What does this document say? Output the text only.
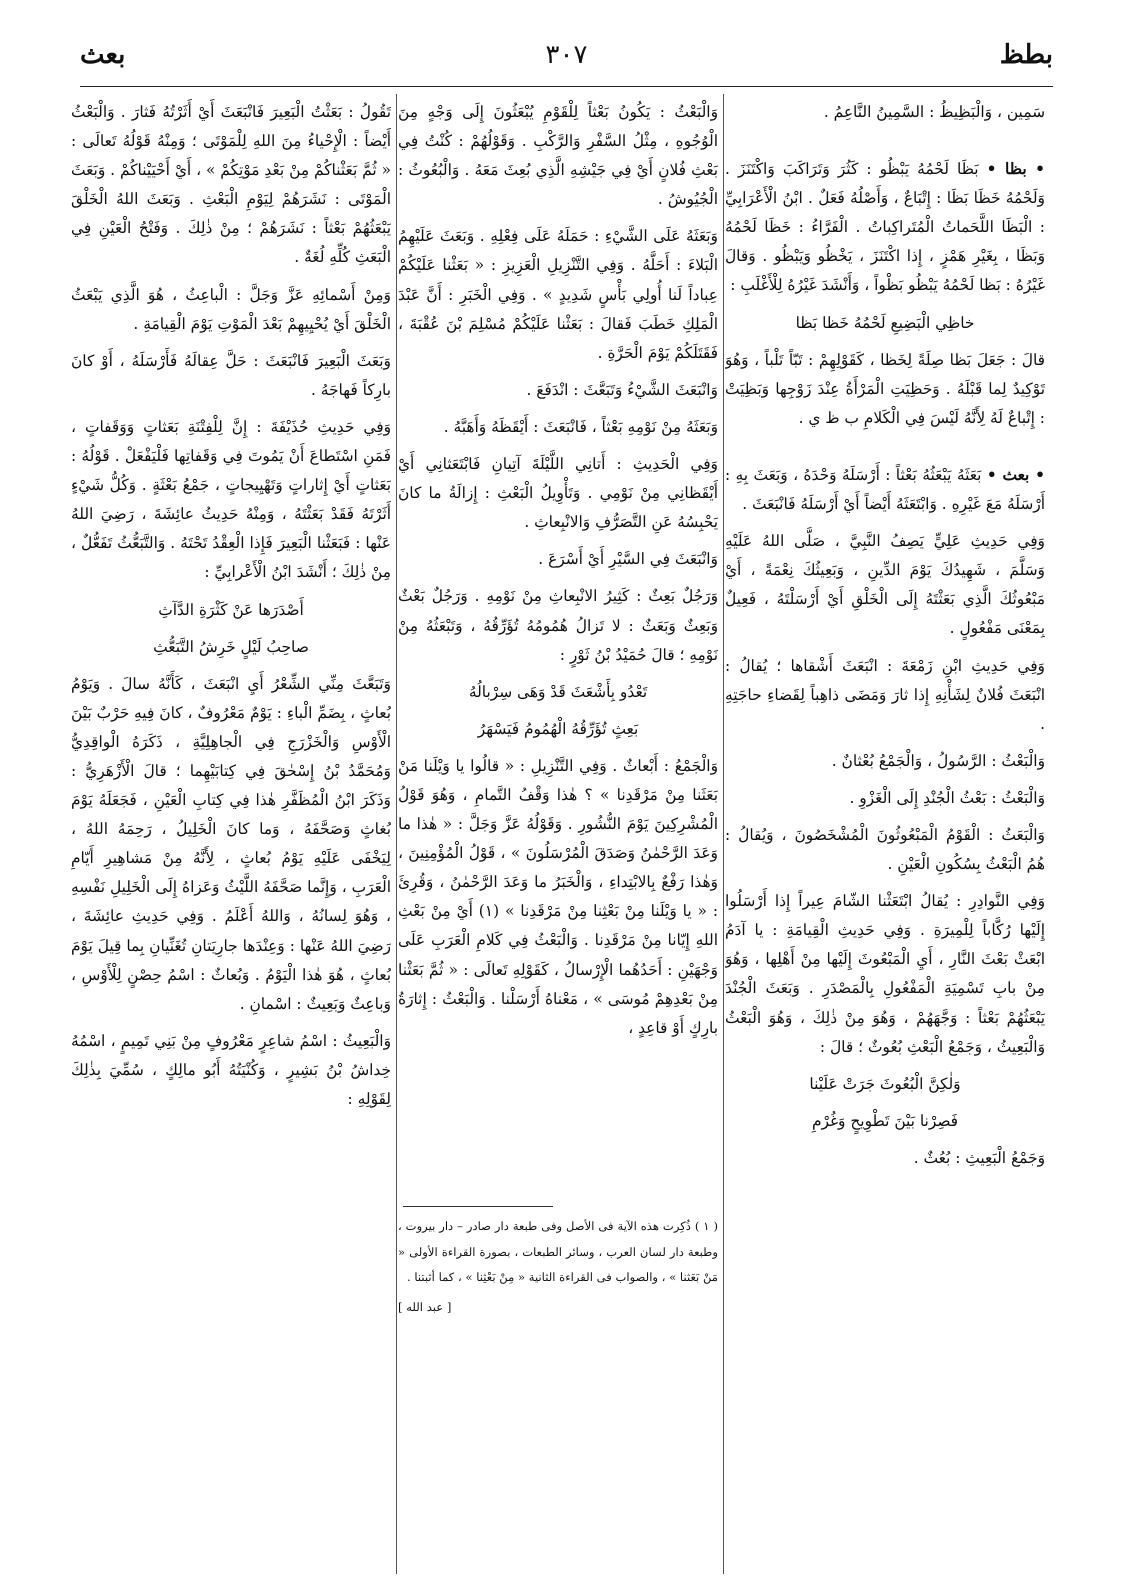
بطظ
٣٠٧
بعث

سَمِين ، وَالْبَظِيظُ : السَّمِينُ النَّاعِمُ .

• بظا • بَظَا لَحْمُهُ يَبْظُو : كَثُرَ وَتَرَاكَبَ وَاكْتَنَزَ . وَلَحْمُهُ خَظَا بَظَا : إِتْبَاعٌ ، وَأَصْلُهُ فَعَلٌ . ابْنُ الْأَعْرَابِيِّ : الْبَظَا اللَّحَماتُ الْمُتَراكِباتُ . الْفَرَّاءُ : خَظَا لَحْمُهُ وَبَظَا ، بِغَيْرِ هَمْزٍ ، إِذا اكْتَنَزَ ، يَخْظُو وَيَبْظُو . وَقالَ غَيْرُهُ : بَظا لَحْمُهُ يَبْظُو بَظْواً ، وَأَنْشَدَ غَيْرُهُ لِلْأَغْلَبِ :

خاظِي الْبَضِيعِ لَحْمُهُ خَظا بَظا

قالَ : جَعَلَ بَظا صِلَةً لِخَظا ، كَقَوْلِهِمْ : تَبّاً تَلْباً ، وَهُوَ تَوْكِيدٌ لِما قَبْلَهُ . وَحَظِيَتِ الْمَرْأَةُ عِنْدَ زَوْجِها وَبَظِيَتْ : إِتْباعٌ لَهُ لِأَنَّهُ لَيْسَ فِي الْكَلامِ ب ظ ي .

• بعث • بَعَثَهُ يَبْعَثُهُ بَعْثاً : أَرْسَلَهُ وَحْدَهُ ، وَبَعَثَ بِهِ : أَرْسَلَهُ مَعَ غَيْرِهِ . وَابْتَعَثَهُ أَيْضاً أَيْ أَرْسَلَهُ فَانْبَعَثَ .

وَفِي حَدِيثِ عَلِيٍّ يَصِفُ النَّبِيَّ ، صَلَّى اللهُ عَلَيْهِ وَسَلَّمَ ، شَهِيدُكَ يَوْمَ الدِّينِ ، وَبَعِيثُكَ نِعْمَةً ، أَيْ مَبْعُوثُكَ الَّذِي بَعَثْتَهُ إِلَى الْخَلْقِ أَيْ أَرْسَلْتَهُ ، فَعِيلٌ بِمَعْنَى مَفْعُولٍ .

وَفِي حَدِيثِ ابْنِ زَمْعَةَ : انْبَعَثَ أَشْقاها ؛ يُقالُ : انْبَعَثَ فُلانٌ لِشَأْنِهِ إِذا ثارَ وَمَضَى ذاهِباً لِقَضاءِ حاجَتِهِ .

وَالْبَعْثُ : الرَّسُولُ ، وَالْجَمْعُ بُعْثانٌ .

وَالْبَعْثُ : بَعْثُ الْجُنْدِ إِلَى الْغَزْوِ .

وَالْبَعَثُ : الْقَوْمُ الْمَبْعُوثُونَ الْمُشْخَصُونَ ، وَيُقالُ : هُمُ الْبَعْثُ بِسُكُونِ الْعَيْنِ .

وَفِي النَّوادِرِ : يُقالُ ابْتَعَثْنا الشّامَ عِيراً إِذا أَرْسَلُوا إِلَيْها رُكَّاباً لِلْمِيرَةِ . وَفِي حَدِيثِ الْقِيامَةِ : يا آدَمُ ابْعَثْ بَعْثَ النَّارِ ، أَيِ الْمَبْعُوثَ إِلَيْها مِنْ أَهْلِها ، وَهُوَ مِنْ بابِ تَسْمِيَةِ الْمَفْعُولِ بِالْمَصْدَرِ . وَبَعَثَ الْجُنْدَ يَبْعَثُهُمْ بَعْثاً : وَجَّهَهُمْ ، وَهُوَ مِنْ ذٰلِكَ ، وَهُوَ الْبَعْثُ وَالْبَعِيثُ ، وَجَمْعُ الْبَعْثِ بُعُوثٌ ؛ قالَ :

وَلٰكِنَّ الْبُعُوثَ جَرَتْ عَلَيْنا

فَصِرْنا بَيْنَ تَطْوِيحٍ وَغُرْمِ

وَجَمْعُ الْبَعِيثِ : بُعُثٌ .

وَالْبَعْثُ : يَكُونُ بَعْثاً لِلْقَوْمِ يُبْعَثُونَ إِلَى وَجْهٍ مِنَ الْوُجُوهِ ، مِثْلُ السَّفْرِ وَالرَّكْبِ . وَقَوْلُهُمْ : كُنْتُ فِي بَعْثِ فُلانٍ أَيْ فِي جَيْشِهِ الَّذِي بُعِثَ مَعَهُ . وَالْبُعُوثُ : الْجُيُوشُ .

وَبَعَثَهُ عَلَى الشَّيْءِ : حَمَلَهُ عَلَى فِعْلِهِ . وَبَعَثَ عَلَيْهِمُ الْبَلاءَ : أَحَلَّهُ . وَفِي التَّنْزِيلِ الْعَزِيزِ : « بَعَثْنا عَلَيْكُمْ عِباداً لَنا أُولِي بَأْسٍ شَدِيدٍ » . وَفِي الْخَبَرِ : أَنَّ عَبْدَ الْمَلِكِ خَطَبَ فَقالَ : بَعَثْنا عَلَيْكُمْ مُسْلِمَ بْنَ عُقْبَةَ ، فَقَتَلَكُمْ يَوْمَ الْحَرَّةِ .

وَانْبَعَثَ الشَّيْءُ وَتَبَعَّثَ : انْدَفَعَ .

وَبَعَثَهُ مِنْ نَوْمِهِ بَعْثاً ، فَانْبَعَثَ : أَيْقَظَهُ وَأَهَبَّهُ .

وَفِي الْحَدِيثِ : أَتانِي اللَّيْلَةَ آتِيانِ فَابْتَعَثانِي أَيْ أَيْقَظانِي مِنْ نَوْمِي . وَتَأْوِيلُ الْبَعْثِ : إِزالَةُ ما كانَ يَحْبِسُهُ عَنِ التَّصَرُّفِ وَالانْبِعاثِ .

وَانْبَعَثَ فِي السَّيْرِ أَيْ أَسْرَعَ .

وَرَجُلٌ بَعِثٌ : كَثِيرُ الانْبِعاثِ مِنْ نَوْمِهِ . وَرَجُلٌ بَعْثٌ وَبَعِثٌ وَبَعَثٌ : لا تَزالُ هُمُومُهُ تُؤَرِّقُهُ ، وَتَبْعَثُهُ مِنْ نَوْمِهِ ؛ قالَ حُمَيْدُ بْنُ ثَوْرٍ :

تَعْدُو بِأَشْعَثَ قَدْ وَهَى سِرْبالُهُ

بَعِثٍ تُؤَرِّقُهُ الْهُمُومُ فَيَسْهَرُ

وَالْجَمْعُ : أَبْعاثٌ . وَفِي التَّنْزِيلِ : « قالُوا يا وَيْلَنا مَنْ بَعَثَنا مِنْ مَرْقَدِنا » ؟ هٰذا وَقْفُ التَّمامِ ، وَهُوَ قَوْلُ الْمُشْرِكِينَ يَوْمَ النُّشُورِ . وَقَوْلُهُ عَزَّ وَجَلَّ : « هٰذا ما وَعَدَ الرَّحْمٰنُ وَصَدَقَ الْمُرْسَلُونَ » ، قَوْلُ الْمُؤْمِنِينَ ، وَهٰذا رَفْعٌ بِالابْتِداءِ ، وَالْخَبَرُ ما وَعَدَ الرَّحْمٰنُ ، وَقُرِئَ : « يا وَيْلَنا مِنْ بَعْثِنا مِنْ مَرْقَدِنا » (١) أَيْ مِنْ بَعْثِ اللهِ إِيّانا مِنْ مَرْقَدِنا . وَالْبَعْثُ فِي كَلامِ الْعَرَبِ عَلَى وَجْهَيْنِ : أَحَدُهُما الْإِرْسالُ ، كَقَوْلِهِ تَعالَى : « ثُمَّ بَعَثْنا مِنْ بَعْدِهِمْ مُوسَى » ، مَعْناهُ أَرْسَلْنا . وَالْبَعْثُ : إِثارَةُ بارِكٍ أَوْ قاعِدٍ ،

( ١ ) ذُكِرت هذه الآية فى الأصل وفى طبعة دار صادر – دار بيروت ، وطبعة دار لسان العرب ، وسائر الطبعات ، بصورة القراءة الأولى « مَنْ بَعَثنا » ، والصواب فى القراءة الثانية « مِنْ بَعْثِنا » ، كما أثبتنا .

[ عبد الله ]

تَقُولُ : بَعَثْتُ الْبَعِيرَ فَانْبَعَثَ أَيْ أَثَرْتُهُ فَثارَ . وَالْبَعْثُ أَيْضاً : الْإِحْياءُ مِنَ اللهِ لِلْمَوْتَى ؛ وَمِنْهُ قَوْلُهُ تَعالَى : « ثُمَّ بَعَثْناكُمْ مِنْ بَعْدِ مَوْتِكُمْ » ، أَيْ أَحْيَيْناكُمْ . وَبَعَثَ الْمَوْتَى : نَشَرَهُمْ لِيَوْمِ الْبَعْثِ . وَبَعَثَ اللهُ الْخَلْقَ يَبْعَثُهُمْ بَعْثاً : نَشَرَهُمْ ؛ مِنْ ذٰلِكَ . وَفَتْحُ الْعَيْنِ فِي الْبَعَثِ كُلِّهِ لُغَةٌ .

وَمِنْ أَسْمائِهِ عَزَّ وَجَلَّ : الْباعِثُ ، هُوَ الَّذِي يَبْعَثُ الْخَلْقَ أَيْ يُحْيِيهِمْ بَعْدَ الْمَوْتِ يَوْمَ الْقِيامَةِ .

وَبَعَثَ الْبَعِيرَ فَانْبَعَثَ : حَلَّ عِقالَهُ فَأَرْسَلَهُ ، أَوْ كانَ بارِكاً فَهاجَهُ .

وَفِي حَدِيثِ حُذَيْفَةَ : إِنَّ لِلْفِتْنَةِ بَعَثاتٍ وَوَقَفاتٍ ، فَمَنِ اسْتَطاعَ أَنْ يَمُوتَ فِي وَقَفاتِها فَلْيَفْعَلْ . قَوْلُهُ : بَعَثاتٍ أَيْ إِثاراتٍ وَتَهْيِيجاتٍ ، جَمْعُ بَعْثَةٍ . وَكُلُّ شَيْءٍ أَثَرْتَهُ فَقَدْ بَعَثْتَهُ ، وَمِنْهُ حَدِيثُ عائِشَةَ ، رَضِيَ اللهُ عَنْها : فَبَعَثْنا الْبَعِيرَ فَإِذا الْعِقْدُ تَحْتَهُ . وَالتَّبَعُّثُ تَفَعُّلٌ ، مِنْ ذٰلِكَ ؛ أَنْشَدَ ابْنُ الْأَعْرابِيِّ :

أَصْدَرَها عَنْ كَثْرَةِ الدَّآثِ

صاحِبُ لَيْلٍ خَرِشُ التَّبَعُّثِ

وَتَبَعَّثَ مِنِّي الشِّعْرُ أَيِ انْبَعَثَ ، كَأَنَّهُ سالَ . وَيَوْمُ بُعاثٍ ، بِضَمِّ الْباءِ : يَوْمٌ مَعْرُوفٌ ، كانَ فِيهِ حَرْبٌ بَيْنَ الْأَوْسِ وَالْخَزْرَجِ فِي الْجاهِلِيَّةِ ، ذَكَرَهُ الْواقِدِيُّ وَمُحَمَّدُ بْنُ إِسْحٰقَ فِي كِتابَيْهِما ؛ قالَ الْأَزْهَرِيُّ : وَذَكَرَ ابْنُ الْمُظَفَّرِ هٰذا فِي كِتابِ الْعَيْنِ ، فَجَعَلَهُ يَوْمَ بُغاثٍ وَصَحَّفَهُ ، وَما كانَ الْخَلِيلُ ، رَحِمَهُ اللهُ ، لِيَخْفَى عَلَيْهِ يَوْمُ بُعاثٍ ، لِأَنَّهُ مِنْ مَشاهِيرِ أَيّامِ الْعَرَبِ ، وَإِنَّما صَحَّفَهُ اللَّيْثُ وَعَزاهُ إِلَى الْخَلِيلِ نَفْسِهِ ، وَهُوَ لِسانُهُ ، وَاللهُ أَعْلَمُ . وَفِي حَدِيثِ عائِشَةَ ، رَضِيَ اللهُ عَنْها : وَعِنْدَها جارِيَتانِ تُغَنِّيانِ بِما قِيلَ يَوْمَ بُعاثٍ ، هُوَ هٰذا الْيَوْمُ . وَبُعاثٌ : اسْمُ حِصْنٍ لِلْأَوْسِ ، وَباعِثٌ وَبَعِيثٌ : اسْمانِ .

وَالْبَعِيثُ : اسْمُ شاعِرٍ مَعْرُوفٍ مِنْ بَنِي تَمِيمٍ ، اسْمُهُ خِداشُ بْنُ بَشِيرٍ ، وَكُنْيَتُهُ أَبُو مالِكٍ ، سُمِّيَ بِذٰلِكَ لِقَوْلِهِ :
